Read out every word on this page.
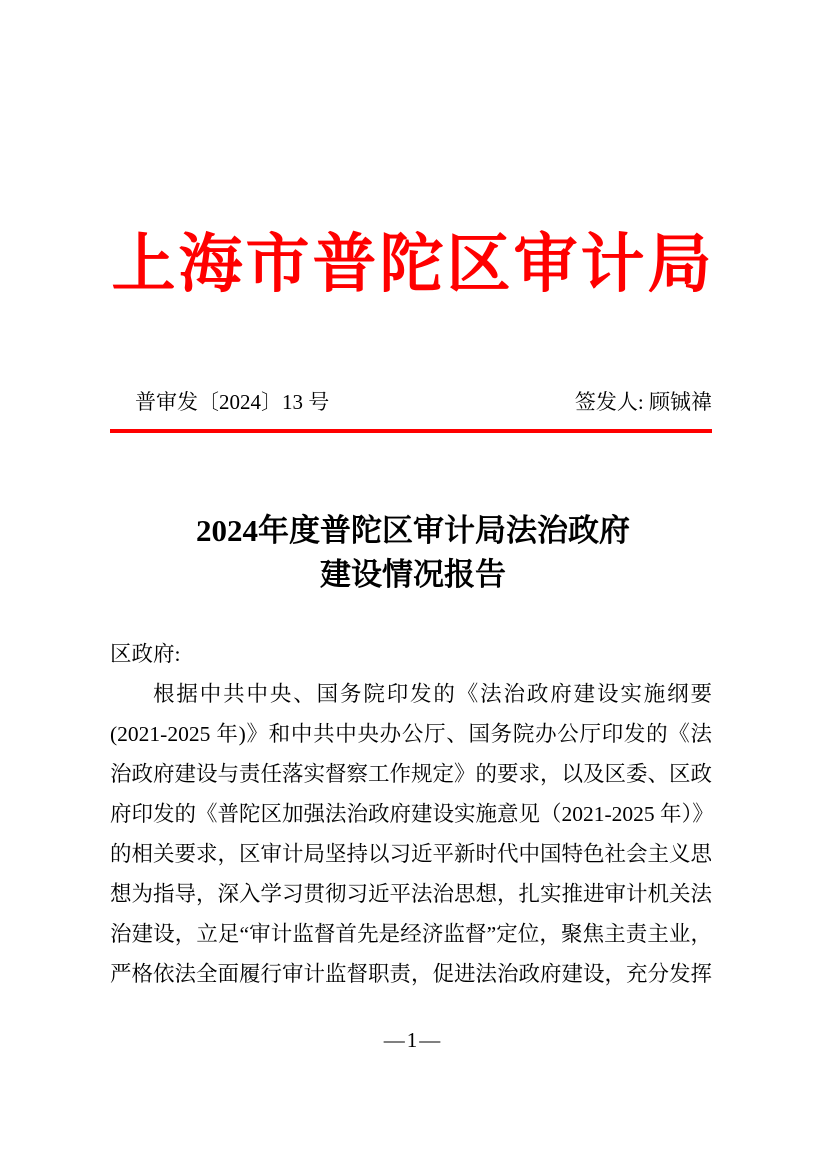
上海市普陀区审计局
普审发〔2024〕13 号	签发人: 顾铖禕
2024年度普陀区审计局法治政府
建设情况报告
区政府:
根据中共中央、国务院印发的《法治政府建设实施纲要
(2021-2025 年)》和中共中央办公厅、国务院办公厅印发的《法
治政府建设与责任落实督察工作规定》的要求，以及区委、区政
府印发的《普陀区加强法治政府建设实施意见（2021-2025 年）》
的相关要求，区审计局坚持以习近平新时代中国特色社会主义思
想为指导，深入学习贯彻习近平法治思想，扎实推进审计机关法
治建设，立足“审计监督首先是经济监督”定位，聚焦主责主业，
严格依法全面履行审计监督职责，促进法治政府建设，充分发挥
—1—
